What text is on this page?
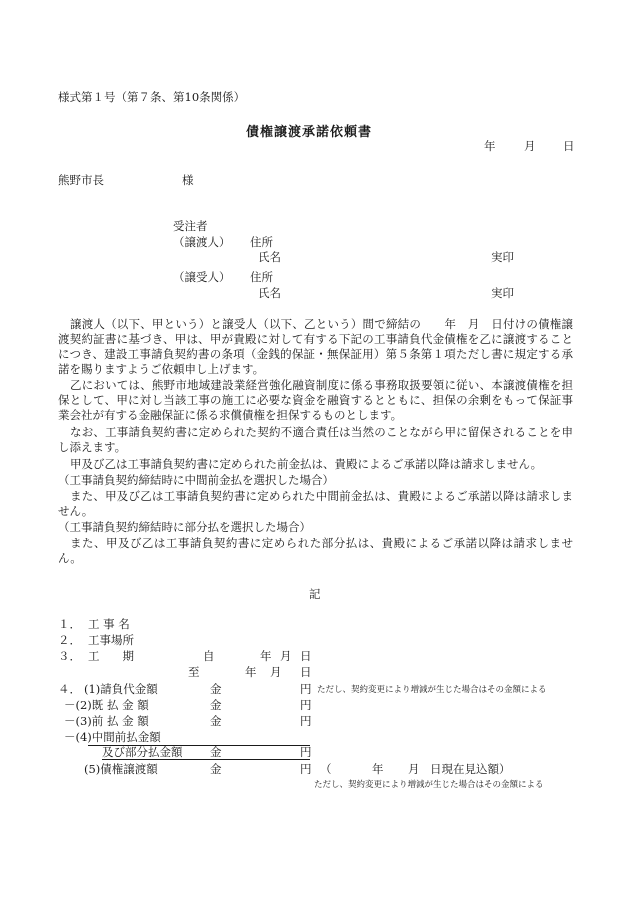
様式第１号（第７条、第10条関係）
債権譲渡承諾依頼書
年 月 日
熊野市長	様
受注者
（譲渡人） 住所
氏名	実印
（譲受人） 住所
氏名	実印
譲渡人（以下、甲という）と譲受人（以下、乙という）間で締結の　　年　月　日付けの債権譲渡契約証書に基づき、甲は、甲が貴殿に対して有する下記の工事請負代金債権を乙に譲渡することにつき、建設工事請負契約書の条項（金銭的保証・無保証用）第５条第１項ただし書に規定する承諾を賜りますようご依頼申し上げます。
乙においては、熊野市地域建設業経営強化融資制度に係る事務取扱要領に従い、本譲渡債権を担保として、甲に対し当該工事の施工に必要な資金を融資するとともに、担保の余剰をもって保証事業会社が有する金融保証に係る求償債権を担保するものとします。
なお、工事請負契約書に定められた契約不適合責任は当然のことながら甲に留保されることを申し添えます。
甲及び乙は工事請負契約書に定められた前金払は、貴殿によるご承諾以降は請求しません。
（工事請負契約締結時に中間前金払を選択した場合）
また、甲及び乙は工事請負契約書に定められた中間前金払は、貴殿によるご承諾以降は請求しません。
（工事請負契約締結時に部分払を選択した場合）
また、甲及び乙は工事請負契約書に定められた部分払は、貴殿によるご承諾以降は請求しません。
記
１． 工 事 名
２． 工事場所
３． 工　　期	自	年 月 日
至	年 月 日
４． (1)請負代金額	金	円 ただし、契約変更により増減が生じた場合はその金額による
－(2)既 払 金 額	金	円
－(3)前 払 金 額	金	円
－(4)中間前払金額
及び部分払金額 金	円
(5)債権譲渡額	金	円 （	年 月 日現在見込額）
ただし、契約変更により増減が生じた場合はその金額による
